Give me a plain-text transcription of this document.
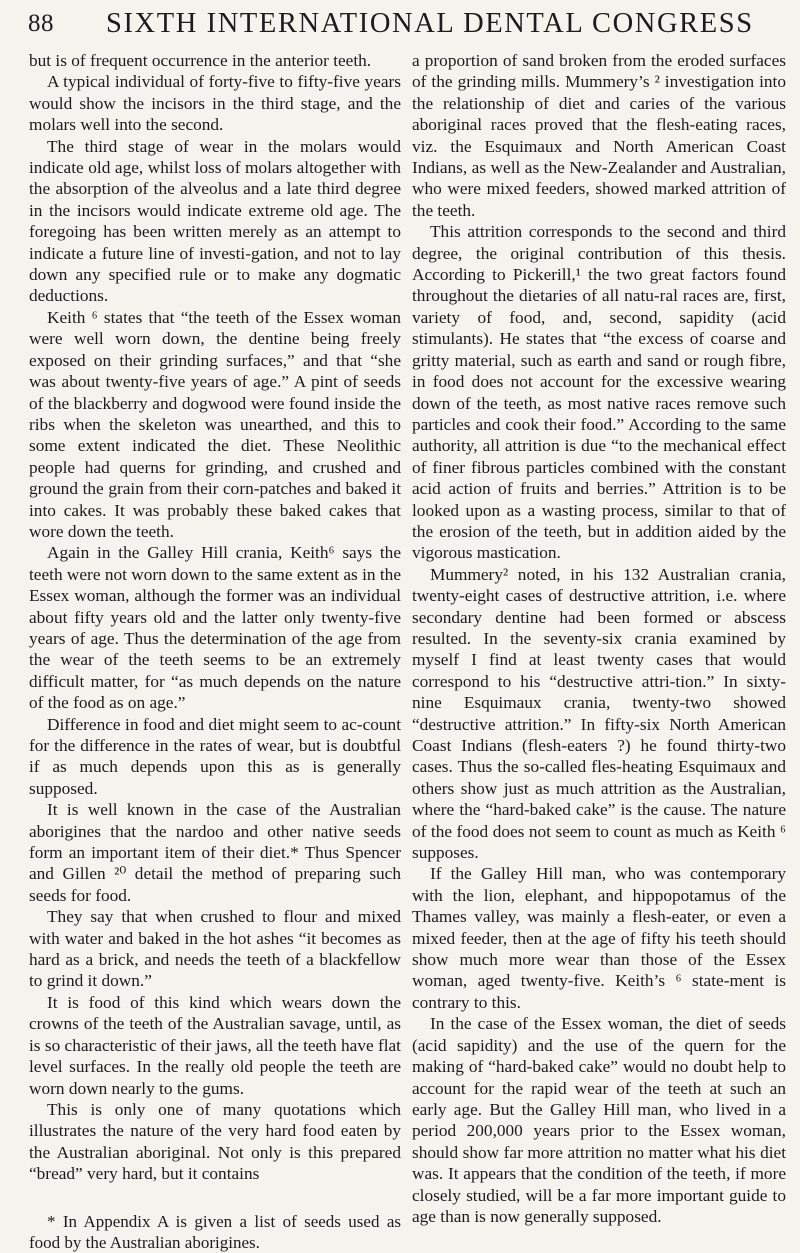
88 SIXTH INTERNATIONAL DENTAL CONGRESS

but is of frequent occurrence in the anterior teeth.

A typical individual of forty-five to fifty-five years would show the incisors in the third stage, and the molars well into the second.

The third stage of wear in the molars would indicate old age, whilst loss of molars altogether with the absorption of the alveolus and a late third degree in the incisors would indicate extreme old age. The foregoing has been written merely as an attempt to indicate a future line of investi-gation, and not to lay down any specified rule or to make any dogmatic deductions.

Keith ⁶ states that “the teeth of the Essex woman were well worn down, the dentine being freely exposed on their grinding surfaces,” and that “she was about twenty-five years of age.” A pint of seeds of the blackberry and dogwood were found inside the ribs when the skeleton was unearthed, and this to some extent indicated the diet. These Neolithic people had querns for grinding, and crushed and ground the grain from their corn-patches and baked it into cakes. It was probably these baked cakes that wore down the teeth.

Again in the Galley Hill crania, Keith⁶ says the teeth were not worn down to the same extent as in the Essex woman, although the former was an individual about fifty years old and the latter only twenty-five years of age. Thus the determination of the age from the wear of the teeth seems to be an extremely difficult matter, for “as much depends on the nature of the food as on age.”

Difference in food and diet might seem to ac-count for the difference in the rates of wear, but is doubtful if as much depends upon this as is generally supposed.

It is well known in the case of the Australian aborigines that the nardoo and other native seeds form an important item of their diet.* Thus Spencer and Gillen ²⁰ detail the method of preparing such seeds for food.

They say that when crushed to flour and mixed with water and baked in the hot ashes “it becomes as hard as a brick, and needs the teeth of a blackfellow to grind it down.”

It is food of this kind which wears down the crowns of the teeth of the Australian savage, until, as is so characteristic of their jaws, all the teeth have flat level surfaces. In the really old people the teeth are worn down nearly to the gums.

This is only one of many quotations which illustrates the nature of the very hard food eaten by the Australian aboriginal. Not only is this prepared “bread” very hard, but it contains

* In Appendix A is given a list of seeds used as food by the Australian aborigines.

a proportion of sand broken from the eroded surfaces of the grinding mills. Mummery’s ² investigation into the relationship of diet and caries of the various aboriginal races proved that the flesh-eating races, viz. the Esquimaux and North American Coast Indians, as well as the New-Zealander and Australian, who were mixed feeders, showed marked attrition of the teeth.

This attrition corresponds to the second and third degree, the original contribution of this thesis. According to Pickerill,¹ the two great factors found throughout the dietaries of all natu-ral races are, first, variety of food, and, second, sapidity (acid stimulants). He states that “the excess of coarse and gritty material, such as earth and sand or rough fibre, in food does not account for the excessive wearing down of the teeth, as most native races remove such particles and cook their food.” According to the same authority, all attrition is due “to the mechanical effect of finer fibrous particles combined with the constant acid action of fruits and berries.” Attrition is to be looked upon as a wasting process, similar to that of the erosion of the teeth, but in addition aided by the vigorous mastication.

Mummery² noted, in his 132 Australian crania, twenty-eight cases of destructive attrition, i.e. where secondary dentine had been formed or abscess resulted. In the seventy-six crania examined by myself I find at least twenty cases that would correspond to his “destructive attri-tion.” In sixty-nine Esquimaux crania, twenty-two showed “destructive attrition.” In fifty-six North American Coast Indians (flesh-eaters ?) he found thirty-two cases. Thus the so-called fles-heating Esquimaux and others show just as much attrition as the Australian, where the “hard-baked cake” is the cause. The nature of the food does not seem to count as much as Keith ⁶ supposes.

If the Galley Hill man, who was contemporary with the lion, elephant, and hippopotamus of the Thames valley, was mainly a flesh-eater, or even a mixed feeder, then at the age of fifty his teeth should show much more wear than those of the Essex woman, aged twenty-five. Keith’s ⁶ state-ment is contrary to this.

In the case of the Essex woman, the diet of seeds (acid sapidity) and the use of the quern for the making of “hard-baked cake” would no doubt help to account for the rapid wear of the teeth at such an early age. But the Galley Hill man, who lived in a period 200,000 years prior to the Essex woman, should show far more attrition no matter what his diet was. It appears that the condition of the teeth, if more closely studied, will be a far more important guide to age than is now generally supposed.
